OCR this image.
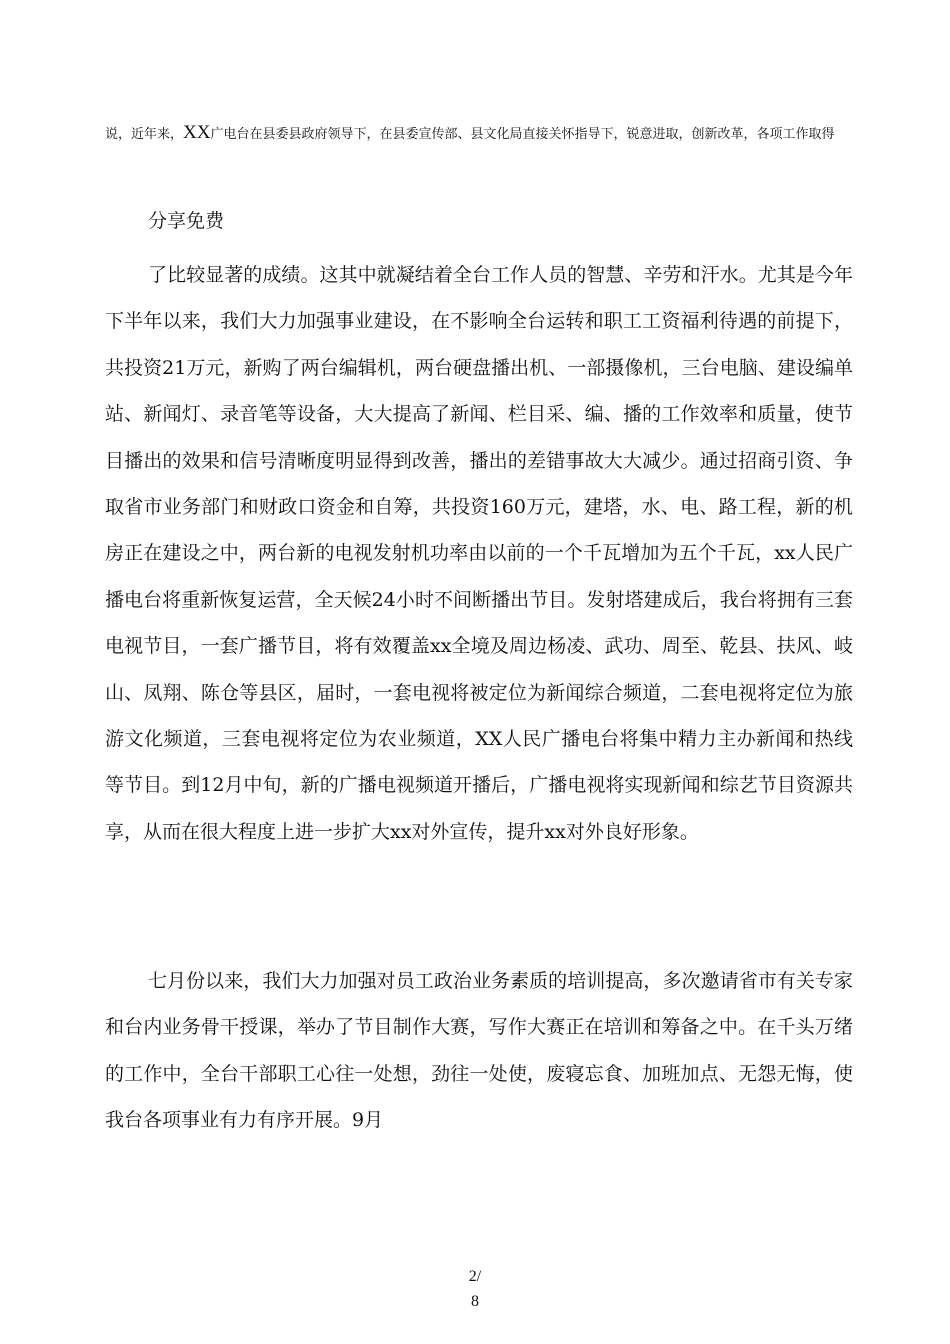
说，近年来，XX广电台在县委县政府领导下，在县委宣传部、县文化局直接关怀指导下，锐意进取，创新改革，各项工作取得

分享免费

了比较显著的成绩。这其中就凝结着全台工作人员的智慧、辛劳和汗水。尤其是今年下半年以来，我们大力加强事业建设，在不影响全台运转和职工工资福利待遇的前提下，共投资21万元，新购了两台编辑机，两台硬盘播出机、一部摄像机，三台电脑、建设编单站、新闻灯、录音笔等设备，大大提高了新闻、栏目采、编、播的工作效率和质量，使节目播出的效果和信号清晰度明显得到改善，播出的差错事故大大减少。通过招商引资、争取省市业务部门和财政口资金和自筹，共投资160万元，建塔，水、电、路工程，新的机房正在建设之中，两台新的电视发射机功率由以前的一个千瓦增加为五个千瓦，xx人民广播电台将重新恢复运营，全天候24小时不间断播出节目。发射塔建成后，我台将拥有三套电视节目，一套广播节目，将有效覆盖xx全境及周边杨凌、武功、周至、乾县、扶风、岐山、凤翔、陈仓等县区，届时，一套电视将被定位为新闻综合频道，二套电视将定位为旅游文化频道，三套电视将定位为农业频道，XX人民广播电台将集中精力主办新闻和热线等节目。到12月中旬，新的广播电视频道开播后，广播电视将实现新闻和综艺节目资源共享，从而在很大程度上进一步扩大xx对外宣传，提升xx对外良好形象。

七月份以来，我们大力加强对员工政治业务素质的培训提高，多次邀请省市有关专家和台内业务骨干授课，举办了节目制作大赛，写作大赛正在培训和筹备之中。在千头万绪的工作中，全台干部职工心往一处想，劲往一处使，废寝忘食、加班加点、无怨无悔，使我台各项事业有力有序开展。9月

2/
8
